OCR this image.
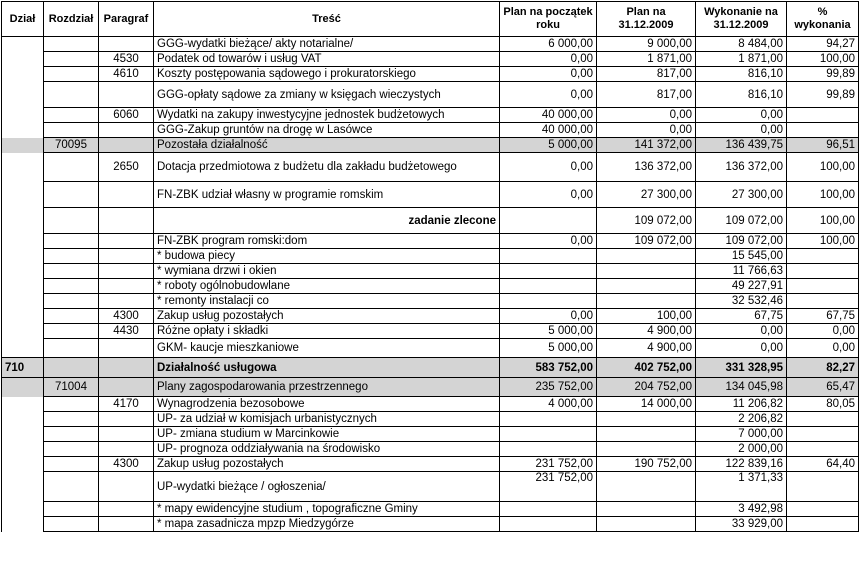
Dział	Rozdział	Paragraf	Treść	Plan na początek roku	Plan na 31.12.2009	Wykonanie na 31.12.2009	% wykonania
			GGG-wydatki bieżące/ akty notarialne/	6 000,00	9 000,00	8 484,00	94,27
		4530	Podatek od towarów i usług VAT	0,00	1 871,00	1 871,00	100,00
		4610	Koszty postępowania sądowego i prokuratorskiego	0,00	817,00	816,10	99,89
			GGG-opłaty sądowe za zmiany w księgach wieczystych	0,00	817,00	816,10	99,89
		6060	Wydatki na zakupy inwestycyjne jednostek budżetowych	40 000,00	0,00	0,00	
			GGG-Zakup gruntów na drogę w Lasówce	40 000,00	0,00	0,00	
	70095		Pozostała działalność	5 000,00	141 372,00	136 439,75	96,51
		2650	Dotacja przedmiotowa z budżetu dla zakładu budżetowego	0,00	136 372,00	136 372,00	100,00
			FN-ZBK udział własny w programie romskim	0,00	27 300,00	27 300,00	100,00
			zadanie zlecone		109 072,00	109 072,00	100,00
			FN-ZBK program romski:dom	0,00	109 072,00	109 072,00	100,00
			* budowa piecy			15 545,00	
			* wymiana drzwi i okien			11 766,63	
			* roboty ogólnobudowlane			49 227,91	
			* remonty instalacji co			32 532,46	
		4300	Zakup usług pozostałych	0,00	100,00	67,75	67,75
		4430	Różne opłaty i składki	5 000,00	4 900,00	0,00	0,00
			GKM- kaucje mieszkaniowe	5 000,00	4 900,00	0,00	0,00
710			Działalność usługowa	583 752,00	402 752,00	331 328,95	82,27
	71004		Plany zagospodarowania przestrzennego	235 752,00	204 752,00	134 045,98	65,47
		4170	Wynagrodzenia bezosobowe	4 000,00	14 000,00	11 206,82	80,05
			UP- za udział w komisjach urbanistycznych			2 206,82	
			UP- zmiana studium w Marcinkowie			7 000,00	
			UP- prognoza oddziaływania na środowisko			2 000,00	
		4300	Zakup usług pozostałych	231 752,00	190 752,00	122 839,16	64,40
			UP-wydatki bieżące / ogłoszenia/	231 752,00		1 371,33	
			* mapy ewidencyjne studium , topograficzne Gminy			3 492,98	
			* mapa zasadnicza mpzp Miedzygórze			33 929,00	
